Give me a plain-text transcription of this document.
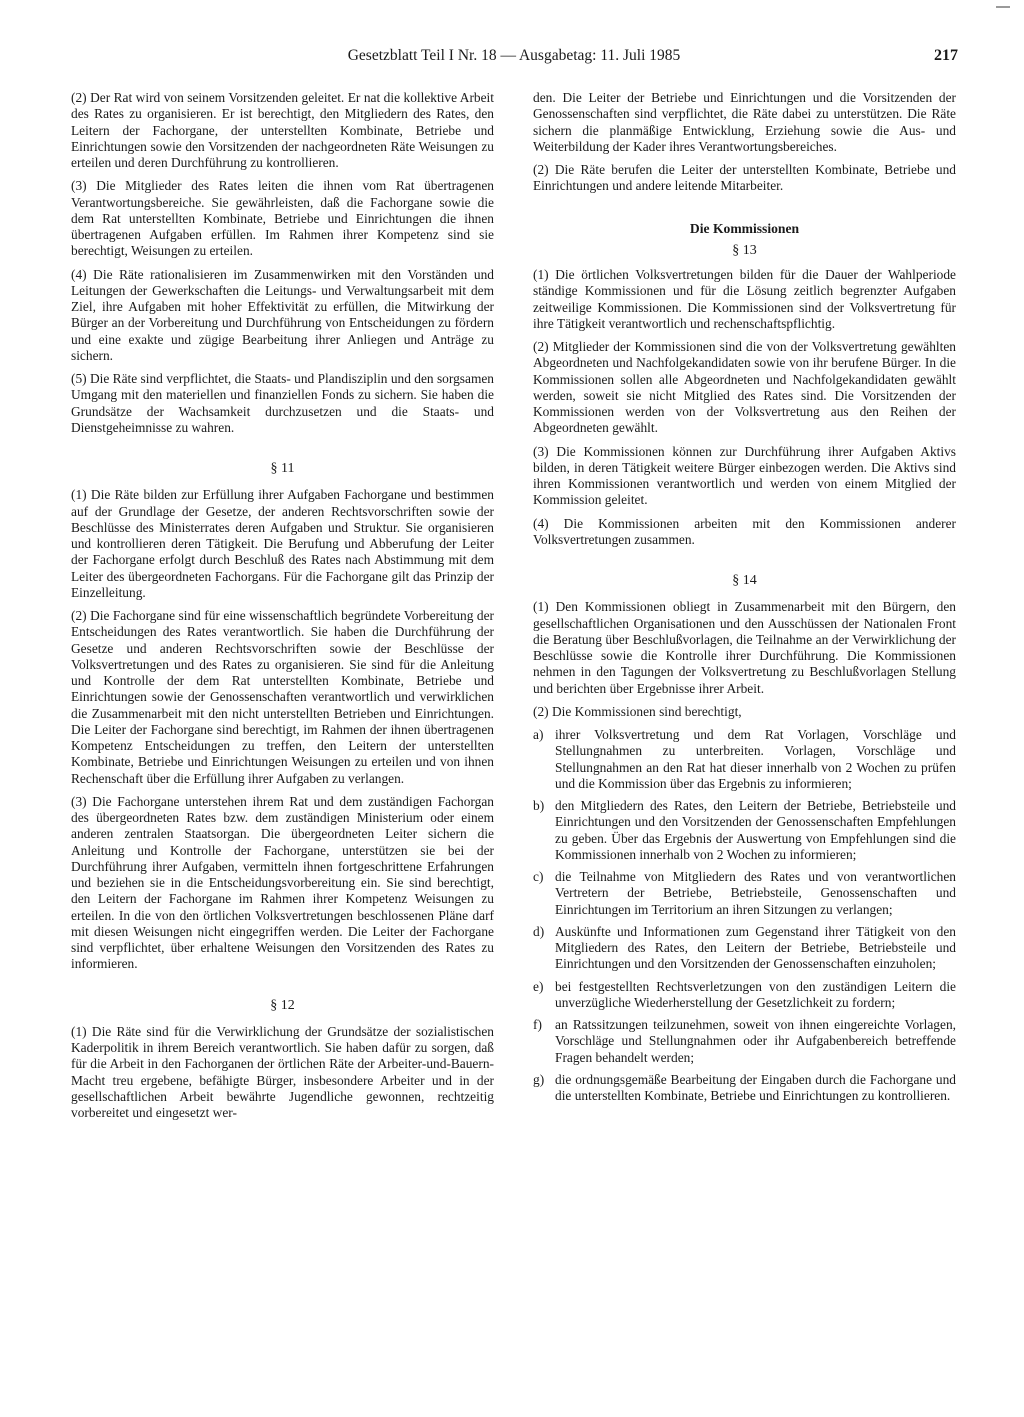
Gesetzblatt Teil I Nr. 18 — Ausgabetag: 11. Juli 1985	217

(2) Der Rat wird von seinem Vorsitzenden geleitet. Er nat die kollektive Arbeit des Rates zu organisieren. Er ist berechtigt, den Mitgliedern des Rates, den Leitern der Fachorgane, der unterstellten Kombinate, Betriebe und Einrichtungen sowie den Vorsitzenden der nachgeordneten Räte Weisungen zu erteilen und deren Durchführung zu kontrollieren.

(3) Die Mitglieder des Rates leiten die ihnen vom Rat übertragenen Verantwortungsbereiche. Sie gewährleisten, daß die Fachorgane sowie die dem Rat unterstellten Kombinate, Betriebe und Einrichtungen die ihnen übertragenen Aufgaben erfüllen. Im Rahmen ihrer Kompetenz sind sie berechtigt, Weisungen zu erteilen.

(4) Die Räte rationalisieren im Zusammenwirken mit den Vorständen und Leitungen der Gewerkschaften die Leitungs- und Verwaltungsarbeit mit dem Ziel, ihre Aufgaben mit hoher Effektivität zu erfüllen, die Mitwirkung der Bürger an der Vorbereitung und Durchführung von Entscheidungen zu fördern und eine exakte und zügige Bearbeitung ihrer Anliegen und Anträge zu sichern.

(5) Die Räte sind verpflichtet, die Staats- und Plandisziplin und den sorgsamen Umgang mit den materiellen und finanziellen Fonds zu sichern. Sie haben die Grundsätze der Wachsamkeit durchzusetzen und die Staats- und Dienstgeheimnisse zu wahren.

§ 11

(1) Die Räte bilden zur Erfüllung ihrer Aufgaben Fachorgane und bestimmen auf der Grundlage der Gesetze, der anderen Rechtsvorschriften sowie der Beschlüsse des Ministerrates deren Aufgaben und Struktur. Sie organisieren und kontrollieren deren Tätigkeit. Die Berufung und Abberufung der Leiter der Fachorgane erfolgt durch Beschluß des Rates nach Abstimmung mit dem Leiter des übergeordneten Fachorgans. Für die Fachorgane gilt das Prinzip der Einzelleitung.

(2) Die Fachorgane sind für eine wissenschaftlich begründete Vorbereitung der Entscheidungen des Rates verantwortlich. Sie haben die Durchführung der Gesetze und anderen Rechtsvorschriften sowie der Beschlüsse der Volksvertretungen und des Rates zu organisieren. Sie sind für die Anleitung und Kontrolle der dem Rat unterstellten Kombinate, Betriebe und Einrichtungen sowie der Genossenschaften verantwortlich und verwirklichen die Zusammenarbeit mit den nicht unterstellten Betrieben und Einrichtungen. Die Leiter der Fachorgane sind berechtigt, im Rahmen der ihnen übertragenen Kompetenz Entscheidungen zu treffen, den Leitern der unterstellten Kombinate, Betriebe und Einrichtungen Weisungen zu erteilen und von ihnen Rechenschaft über die Erfüllung ihrer Aufgaben zu verlangen.

(3) Die Fachorgane unterstehen ihrem Rat und dem zuständigen Fachorgan des übergeordneten Rates bzw. dem zuständigen Ministerium oder einem anderen zentralen Staatsorgan. Die übergeordneten Leiter sichern die Anleitung und Kontrolle der Fachorgane, unterstützen sie bei der Durchführung ihrer Aufgaben, vermitteln ihnen fortgeschrittene Erfahrungen und beziehen sie in die Entscheidungsvorbereitung ein. Sie sind berechtigt, den Leitern der Fachorgane im Rahmen ihrer Kompetenz Weisungen zu erteilen. In die von den örtlichen Volksvertretungen beschlossenen Pläne darf mit diesen Weisungen nicht eingegriffen werden. Die Leiter der Fachorgane sind verpflichtet, über erhaltene Weisungen den Vorsitzenden des Rates zu informieren.

§ 12

(1) Die Räte sind für die Verwirklichung der Grundsätze der sozialistischen Kaderpolitik in ihrem Bereich verantwortlich. Sie haben dafür zu sorgen, daß für die Arbeit in den Fachorganen der örtlichen Räte der Arbeiter-und-Bauern-Macht treu ergebene, befähigte Bürger, insbesondere Arbeiter und in der gesellschaftlichen Arbeit bewährte Jugendliche gewonnen, rechtzeitig vorbereitet und eingesetzt wer-

den. Die Leiter der Betriebe und Einrichtungen und die Vorsitzenden der Genossenschaften sind verpflichtet, die Räte dabei zu unterstützen. Die Räte sichern die planmäßige Entwicklung, Erziehung sowie die Aus- und Weiterbildung der Kader ihres Verantwortungsbereiches.

(2) Die Räte berufen die Leiter der unterstellten Kombinate, Betriebe und Einrichtungen und andere leitende Mitarbeiter.

Die Kommissionen
§ 13

(1) Die örtlichen Volksvertretungen bilden für die Dauer der Wahlperiode ständige Kommissionen und für die Lösung zeitlich begrenzter Aufgaben zeitweilige Kommissionen. Die Kommissionen sind der Volksvertretung für ihre Tätigkeit verantwortlich und rechenschaftspflichtig.

(2) Mitglieder der Kommissionen sind die von der Volksvertretung gewählten Abgeordneten und Nachfolgekandidaten sowie von ihr berufene Bürger. In die Kommissionen sollen alle Abgeordneten und Nachfolgekandidaten gewählt werden, soweit sie nicht Mitglied des Rates sind. Die Vorsitzenden der Kommissionen werden von der Volksvertretung aus den Reihen der Abgeordneten gewählt.

(3) Die Kommissionen können zur Durchführung ihrer Aufgaben Aktivs bilden, in deren Tätigkeit weitere Bürger einbezogen werden. Die Aktivs sind ihren Kommissionen verantwortlich und werden von einem Mitglied der Kommission geleitet.

(4) Die Kommissionen arbeiten mit den Kommissionen anderer Volksvertretungen zusammen.

§ 14

(1) Den Kommissionen obliegt in Zusammenarbeit mit den Bürgern, den gesellschaftlichen Organisationen und den Ausschüssen der Nationalen Front die Beratung über Beschlußvorlagen, die Teilnahme an der Verwirklichung der Beschlüsse sowie die Kontrolle ihrer Durchführung. Die Kommissionen nehmen in den Tagungen der Volksvertretung zu Beschlußvorlagen Stellung und berichten über Ergebnisse ihrer Arbeit.

(2) Die Kommissionen sind berechtigt,

a) ihrer Volksvertretung und dem Rat Vorlagen, Vorschläge und Stellungnahmen zu unterbreiten. Vorlagen, Vorschläge und Stellungnahmen an den Rat hat dieser innerhalb von 2 Wochen zu prüfen und die Kommission über das Ergebnis zu informieren;
b) den Mitgliedern des Rates, den Leitern der Betriebe, Betriebsteile und Einrichtungen und den Vorsitzenden der Genossenschaften Empfehlungen zu geben. Über das Ergebnis der Auswertung von Empfehlungen sind die Kommissionen innerhalb von 2 Wochen zu informieren;
c) die Teilnahme von Mitgliedern des Rates und von verantwortlichen Vertretern der Betriebe, Betriebsteile, Genossenschaften und Einrichtungen im Territorium an ihren Sitzungen zu verlangen;
d) Auskünfte und Informationen zum Gegenstand ihrer Tätigkeit von den Mitgliedern des Rates, den Leitern der Betriebe, Betriebsteile und Einrichtungen und den Vorsitzenden der Genossenschaften einzuholen;
e) bei festgestellten Rechtsverletzungen von den zuständigen Leitern die unverzügliche Wiederherstellung der Gesetzlichkeit zu fordern;
f) an Ratssitzungen teilzunehmen, soweit von ihnen eingereichte Vorlagen, Vorschläge und Stellungnahmen oder ihr Aufgabenbereich betreffende Fragen behandelt werden;
g) die ordnungsgemäße Bearbeitung der Eingaben durch die Fachorgane und die unterstellten Kombinate, Betriebe und Einrichtungen zu kontrollieren.
